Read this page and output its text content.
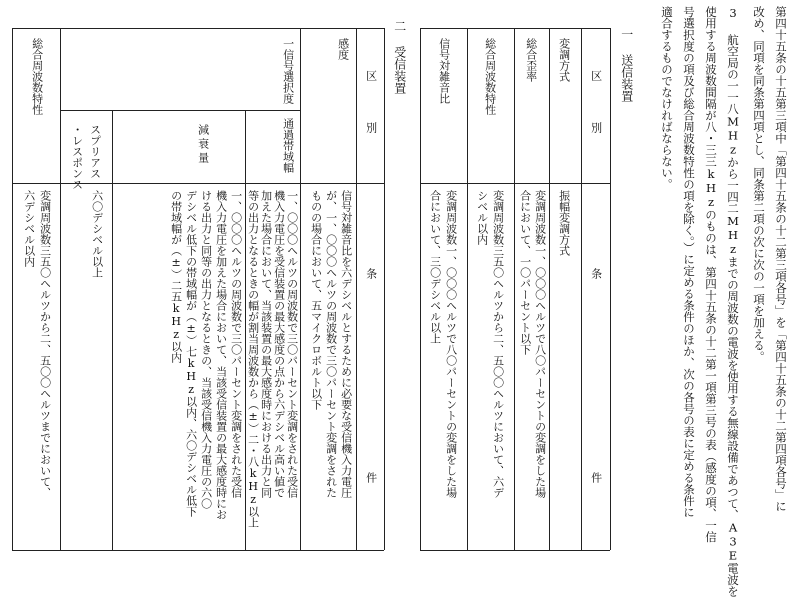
第四十五条の十五第三項中「第四十五条の十二第三項各号」を「第四十五条の十二第四項各号」に
改め、同項を同条第四項とし、同条第二項の次に次の一項を加える。
3 航空局の一一八MHzから一四二MHzまでの周波数の電波を使用する無線設備であつて、A3E電波を
使用する周波数間隔が八・三三kHzのものは、第四十五条の十二第一項第三号の表（感度の項、一信
号選択度の項及び総合周波数特性の項を除く。）に定める条件のほか、次の各号の表に定める条件に
適合するものでなければならない。
一 送信装置
区 別
条 件
変調方式
総合歪率
総合周波数特性
信号対雑音比
振幅変調方式
変調周波数一、〇〇〇ヘルツで八〇パーセントの変調をした場
合において、一〇パーセント以下
変調周波数三五〇ヘルツから二、五〇〇ヘルツにおいて、六デ
シベル以内
変調周波数一、〇〇〇ヘルツで八〇パーセントの変調をした場
合において、三〇デシベル以上
二 受信装置
区 別
条 件
感度
信号対雑音比を六デシベルとするために必要な受信機入力電圧
が、一、〇〇〇ヘルツの周波数で三〇パーセント変調をされた
ものの場合において、五マイクロボルト以下
一信号選択度
通過帯域幅
一、〇〇〇ヘルツの周波数で三〇パーセント変調をされた受信
機入力電圧を受信装置の最大感度の点から六デシベル高い値で
加えた場合において、当該装置の最大感度時における出力と同
等の出力となるときの幅が割当周波数から（±）二・八kHz以上
減衰量
一、〇〇〇ヘルツの周波数で三〇パーセント変調をされた受信
機入力電圧を加えた場合において、当該受信装置の最大感度時にお
ける出力と同等の出力となるときの、当該受信機入力電圧の六〇
デシベル低下の帯域幅が（±）七kHz以内、六〇デシベル低下
の帯域幅が（±）二五kHz以内
スプリアス
・レスポンス
六〇デシベル以上
総合周波数特性
変調周波数三五〇ヘルツから二、五〇〇ヘルツまでにおいて、
六デシベル以内
